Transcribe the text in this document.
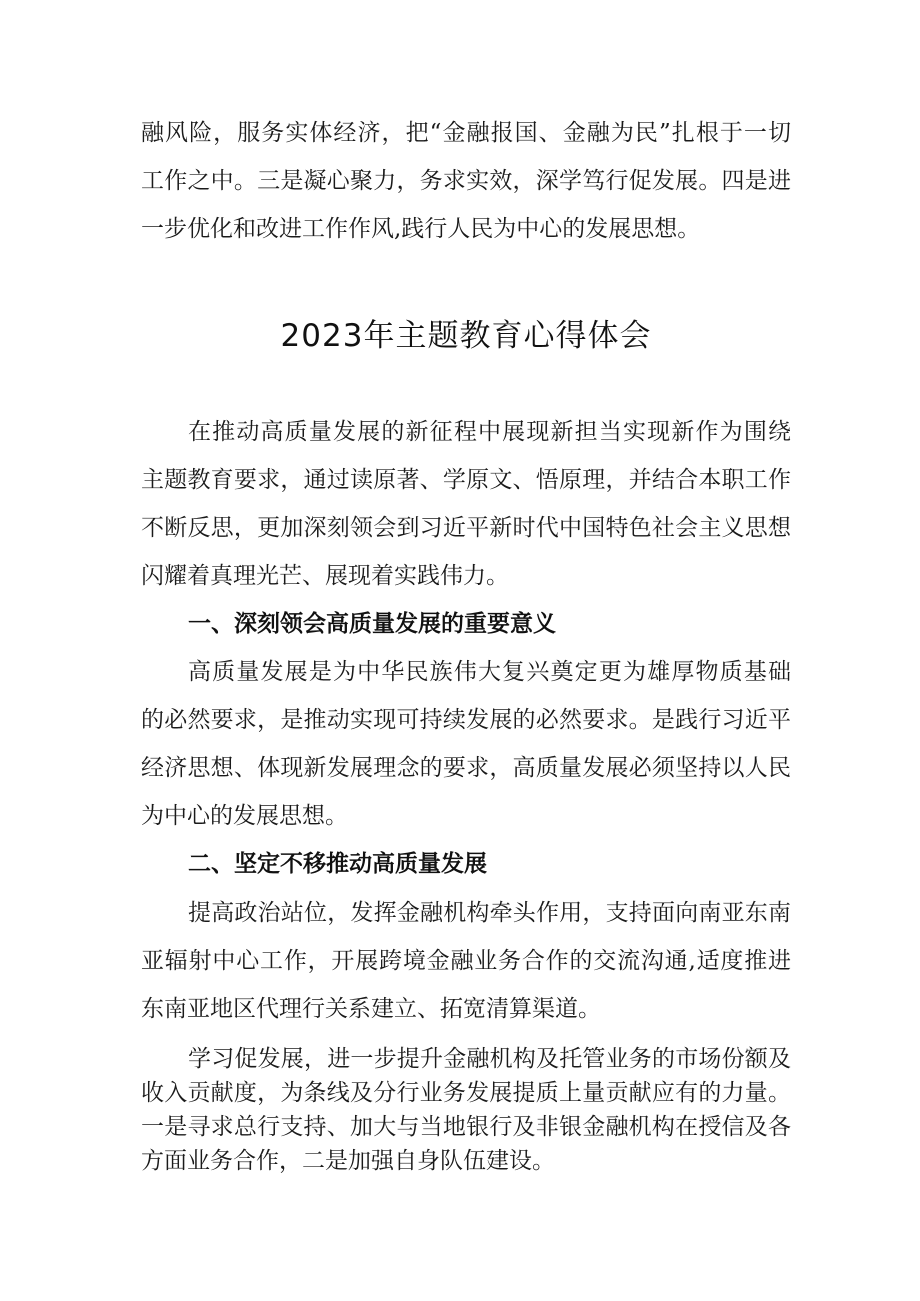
融风险，服务实体经济，把“金融报国、金融为民”扎根于一切
工作之中。三是凝心聚力，务求实效，深学笃行促发展。四是进
一步优化和改进工作作风,践行人民为中心的发展思想。
2023年主题教育心得体会
在推动高质量发展的新征程中展现新担当实现新作为围绕
主题教育要求，通过读原著、学原文、悟原理，并结合本职工作
不断反思，更加深刻领会到习近平新时代中国特色社会主义思想
闪耀着真理光芒、展现着实践伟力。
一、深刻领会高质量发展的重要意义
高质量发展是为中华民族伟大复兴奠定更为雄厚物质基础
的必然要求，是推动实现可持续发展的必然要求。是践行习近平
经济思想、体现新发展理念的要求，高质量发展必须坚持以人民
为中心的发展思想。
二、坚定不移推动高质量发展
提高政治站位，发挥金融机构牵头作用，支持面向南亚东南
亚辐射中心工作，开展跨境金融业务合作的交流沟通,适度推进
东南亚地区代理行关系建立、拓宽清算渠道。
学习促发展，进一步提升金融机构及托管业务的市场份额及
收入贡献度，为条线及分行业务发展提质上量贡献应有的力量。
一是寻求总行支持、加大与当地银行及非银金融机构在授信及各
方面业务合作，二是加强自身队伍建设。
